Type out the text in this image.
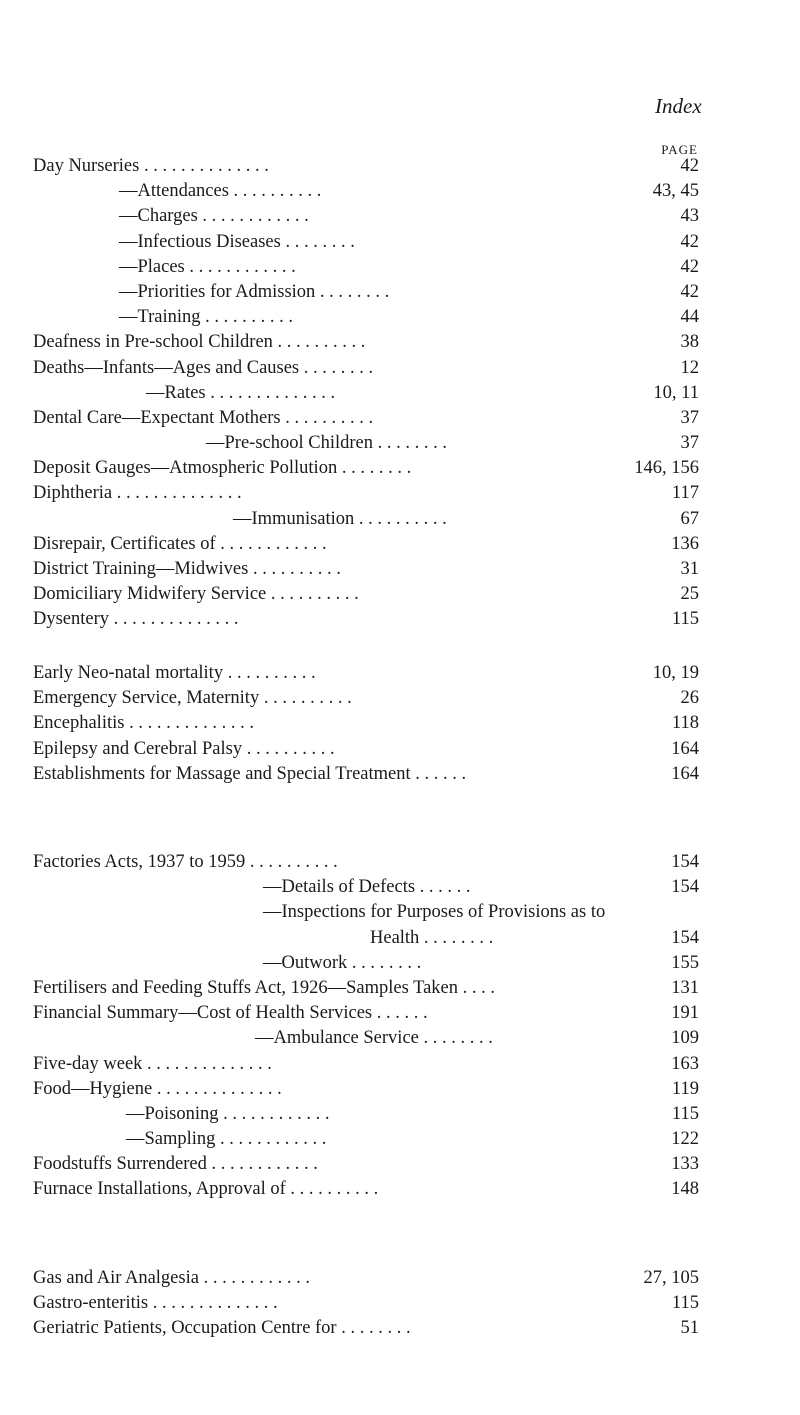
Index
PAGE
Day Nurseries . . . . . . . . . . . . . .	42
—Attendances . . . . . . . . . .	43, 45
—Charges . . . . . . . . . . . .	43
—Infectious Diseases . . . . . . . .	42
—Places . . . . . . . . . . . .	42
—Priorities for Admission . . . . . . . .	42
—Training . . . . . . . . . .	44
Deafness in Pre-school Children . . . . . . . . . .	38
Deaths—Infants—Ages and Causes . . . . . . . .	12
—Rates . . . . . . . . . . . . . .	10, 11
Dental Care—Expectant Mothers . . . . . . . . . .	37
—Pre-school Children . . . . . . . .	37
Deposit Gauges—Atmospheric Pollution . . . . . . . .	146, 156
Diphtheria . . . . . . . . . . . . . .	117
—Immunisation . . . . . . . . . .	67
Disrepair, Certificates of . . . . . . . . . . . .	136
District Training—Midwives . . . . . . . . . .	31
Domiciliary Midwifery Service . . . . . . . . . .	25
Dysentery . . . . . . . . . . . . . .	115
Early Neo-natal mortality . . . . . . . . . .	10, 19
Emergency Service, Maternity . . . . . . . . . .	26
Encephalitis . . . . . . . . . . . . . .	118
Epilepsy and Cerebral Palsy . . . . . . . . . .	164
Establishments for Massage and Special Treatment . . . . . .	164
Factories Acts, 1937 to 1959 . . . . . . . . . .	154
—Details of Defects . . . . . .	154
—Inspections for Purposes of Provisions as to
Health . . . . . . . .	154
—Outwork . . . . . . . .	155
Fertilisers and Feeding Stuffs Act, 1926—Samples Taken . . . .	131
Financial Summary—Cost of Health Services . . . . . .	191
—Ambulance Service . . . . . . . .	109
Five-day week . . . . . . . . . . . . . .	163
Food—Hygiene . . . . . . . . . . . . . .	119
—Poisoning . . . . . . . . . . . .	115
—Sampling . . . . . . . . . . . .	122
Foodstuffs Surrendered . . . . . . . . . . . .	133
Furnace Installations, Approval of . . . . . . . . . .	148
Gas and Air Analgesia . . . . . . . . . . . .	27, 105
Gastro-enteritis . . . . . . . . . . . . . .	115
Geriatric Patients, Occupation Centre for . . . . . . . .	51
